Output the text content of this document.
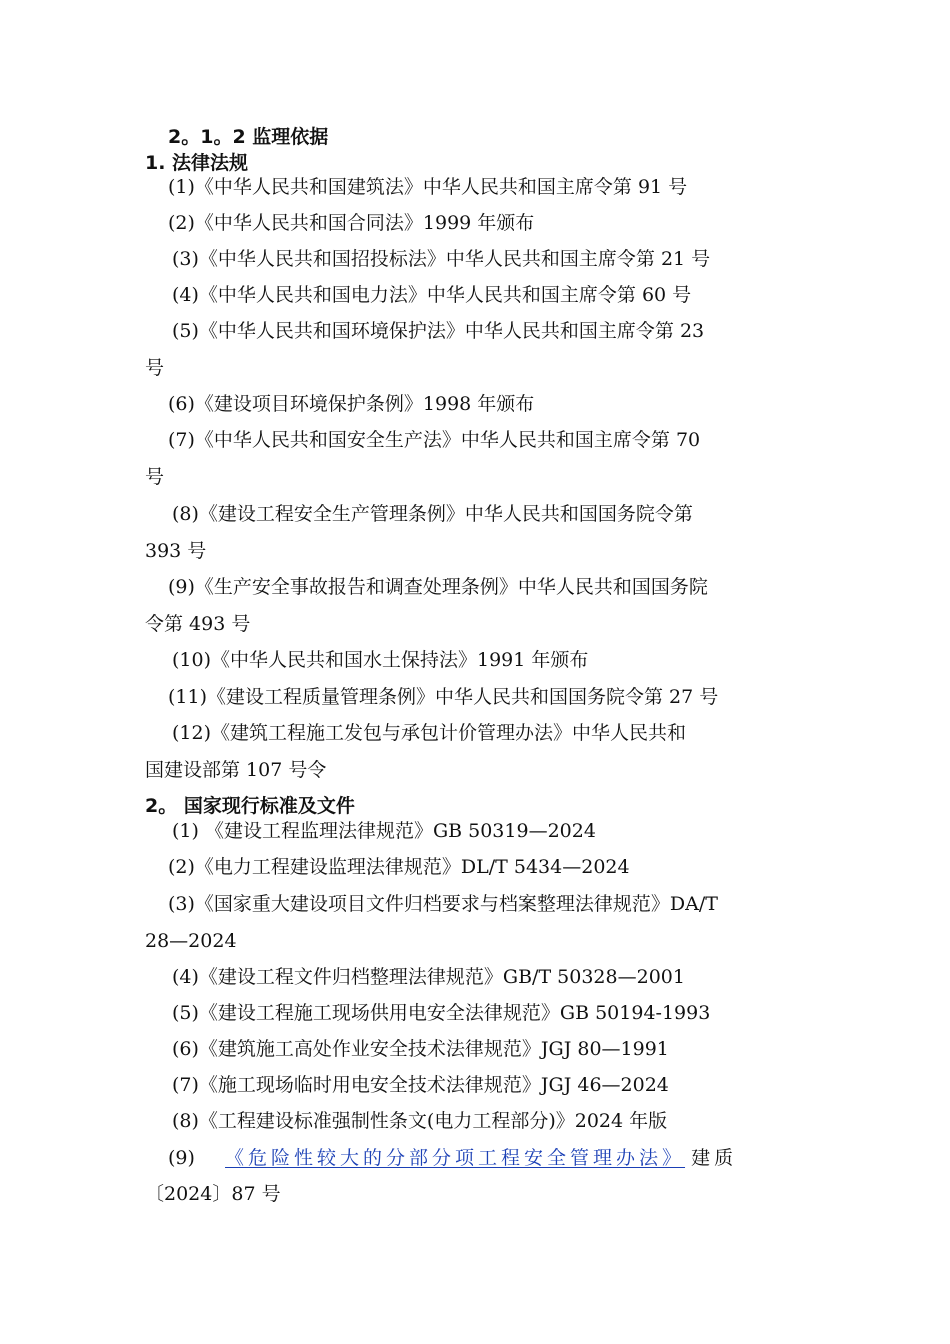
2。1。2 监理依据
1. 法律法规
(1)《中华人民共和国建筑法》中华人民共和国主席令第 91 号
(2)《中华人民共和国合同法》1999 年颁布
(3)《中华人民共和国招投标法》中华人民共和国主席令第 21 号
(4)《中华人民共和国电力法》中华人民共和国主席令第 60 号
(5)《中华人民共和国环境保护法》中华人民共和国主席令第 23
号
(6)《建设项目环境保护条例》1998 年颁布
(7)《中华人民共和国安全生产法》中华人民共和国主席令第 70
号
(8)《建设工程安全生产管理条例》中华人民共和国国务院令第
393 号
(9)《生产安全事故报告和调查处理条例》中华人民共和国国务院
令第 493 号
(10)《中华人民共和国水土保持法》1991 年颁布
(11)《建设工程质量管理条例》中华人民共和国国务院令第 27 号
(12)《建筑工程施工发包与承包计价管理办法》中华人民共和
国建设部第 107 号令
2。 国家现行标准及文件
(1) 《建设工程监理法律规范》GB 50319—2024
(2)《电力工程建设监理法律规范》DL/T 5434—2024
(3)《国家重大建设项目文件归档要求与档案整理法律规范》DA/T
28—2024
(4)《建设工程文件归档整理法律规范》GB/T 50328—2001
(5)《建设工程施工现场供用电安全法律规范》GB 50194-1993
(6)《建筑施工高处作业安全技术法律规范》JGJ 80—1991
(7)《施工现场临时用电安全技术法律规范》JGJ 46—2024
(8)《工程建设标准强制性条文(电力工程部分)》2024 年版
(9) 《危险性较大的分部分项工程安全管理办法》 建质
〔2024〕87 号
